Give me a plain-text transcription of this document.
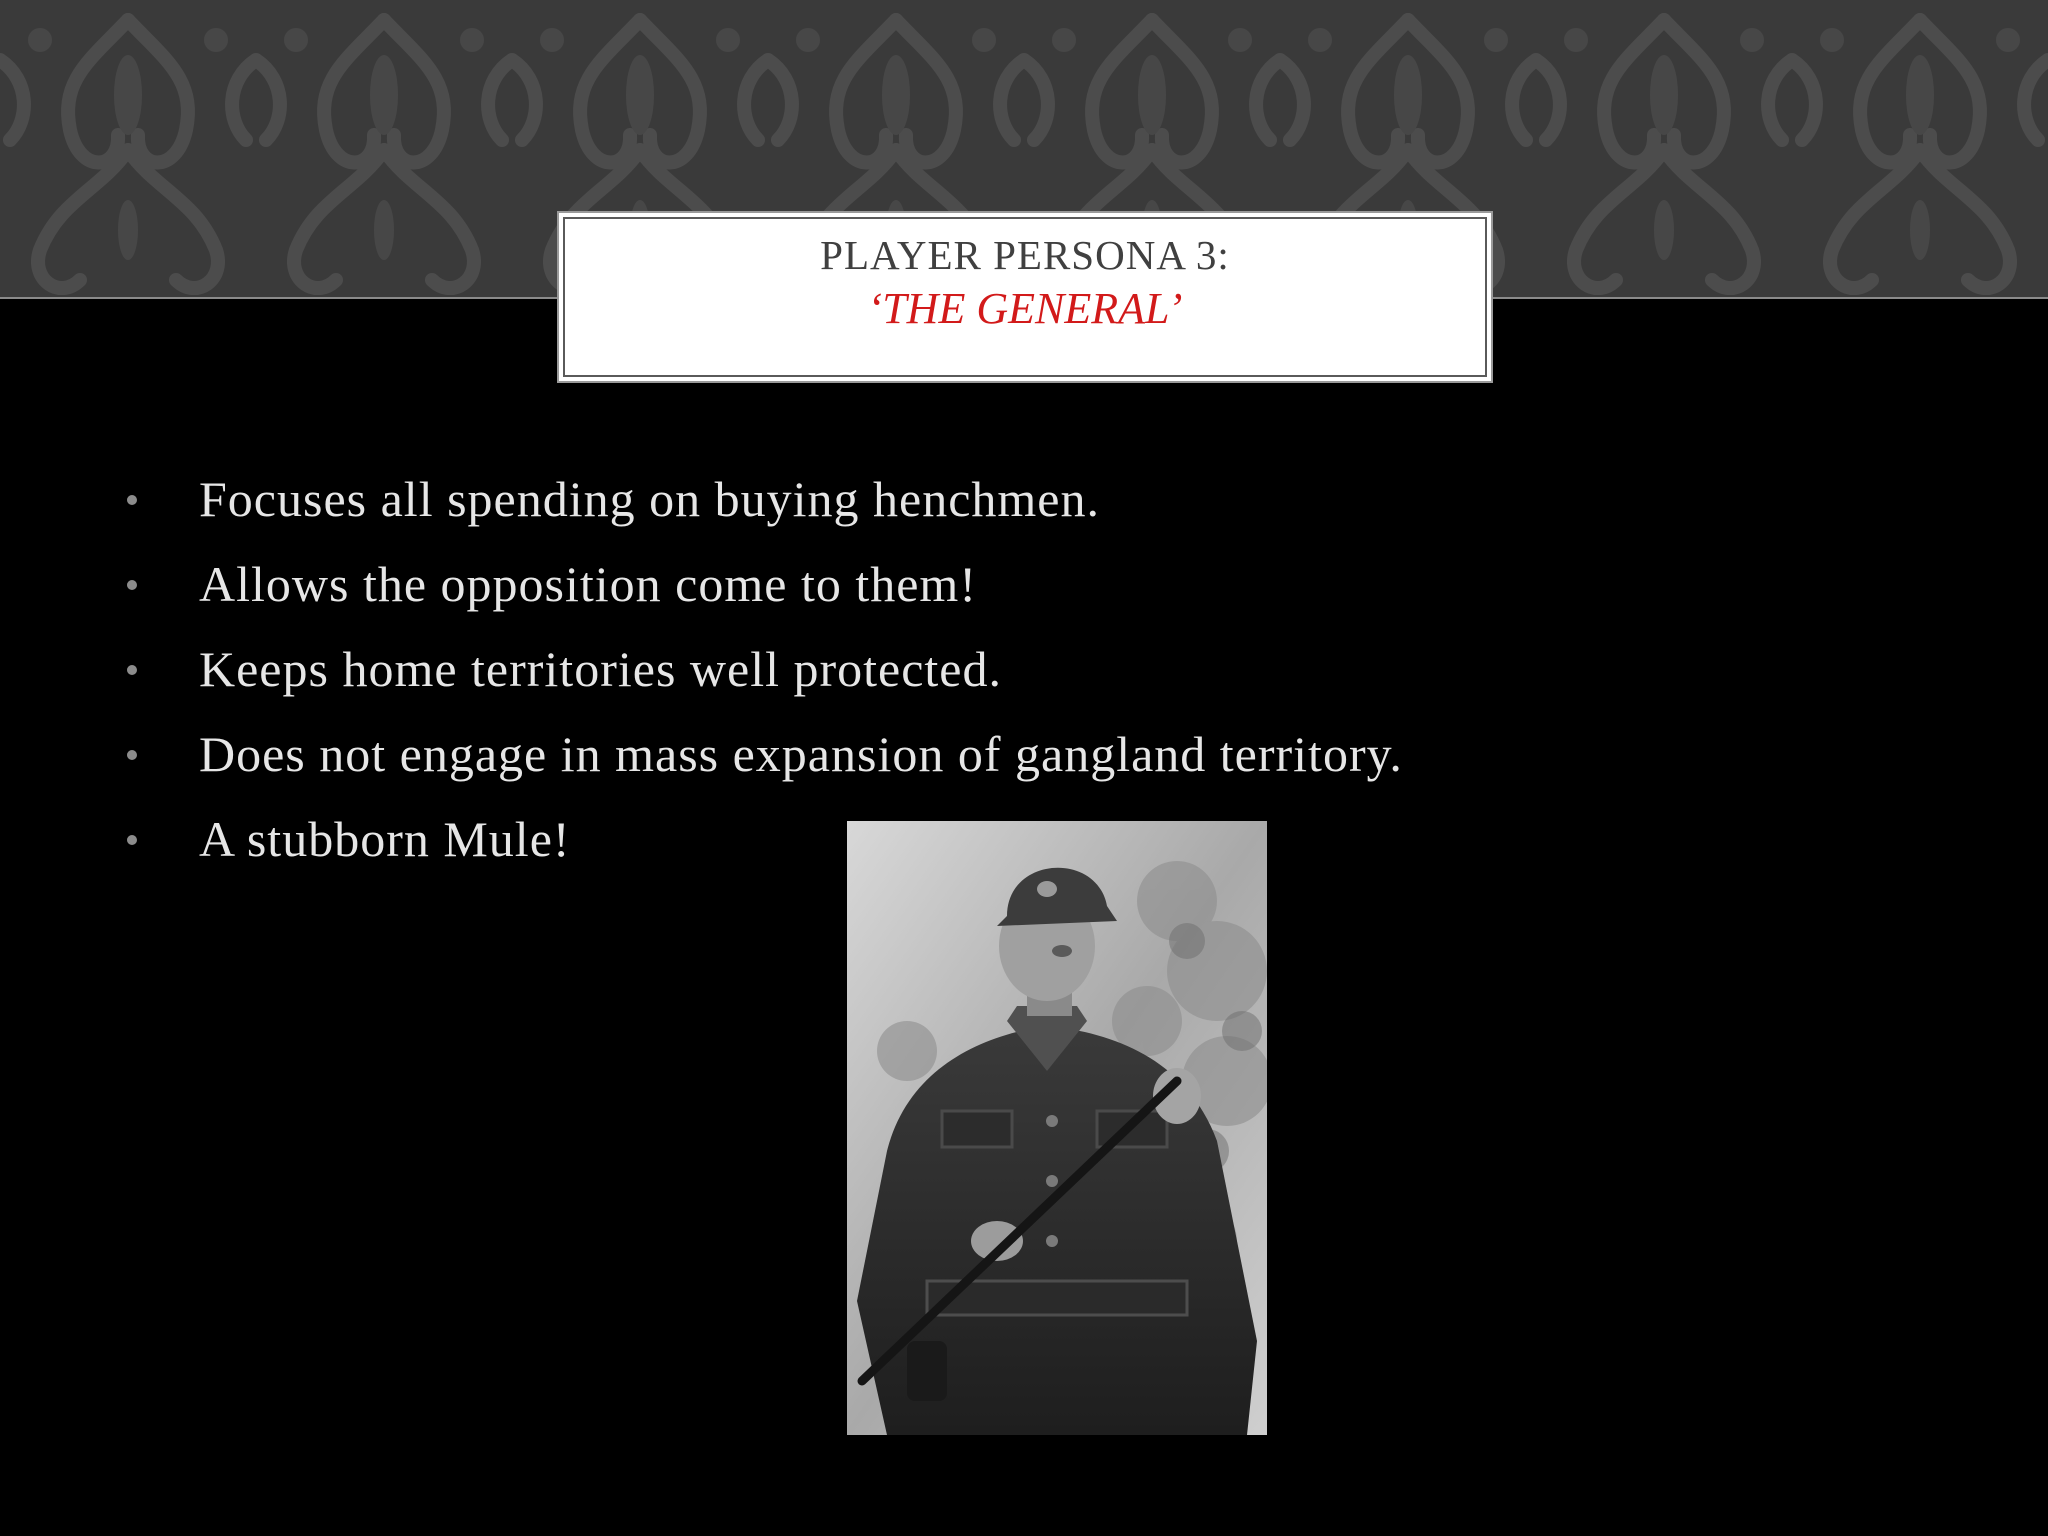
PLAYER PERSONA 3:
‘THE GENERAL’
Focuses all spending on buying henchmen.
Allows the opposition come to them!
Keeps home territories well protected.
Does not engage in mass expansion of gangland territory.
A stubborn Mule!
